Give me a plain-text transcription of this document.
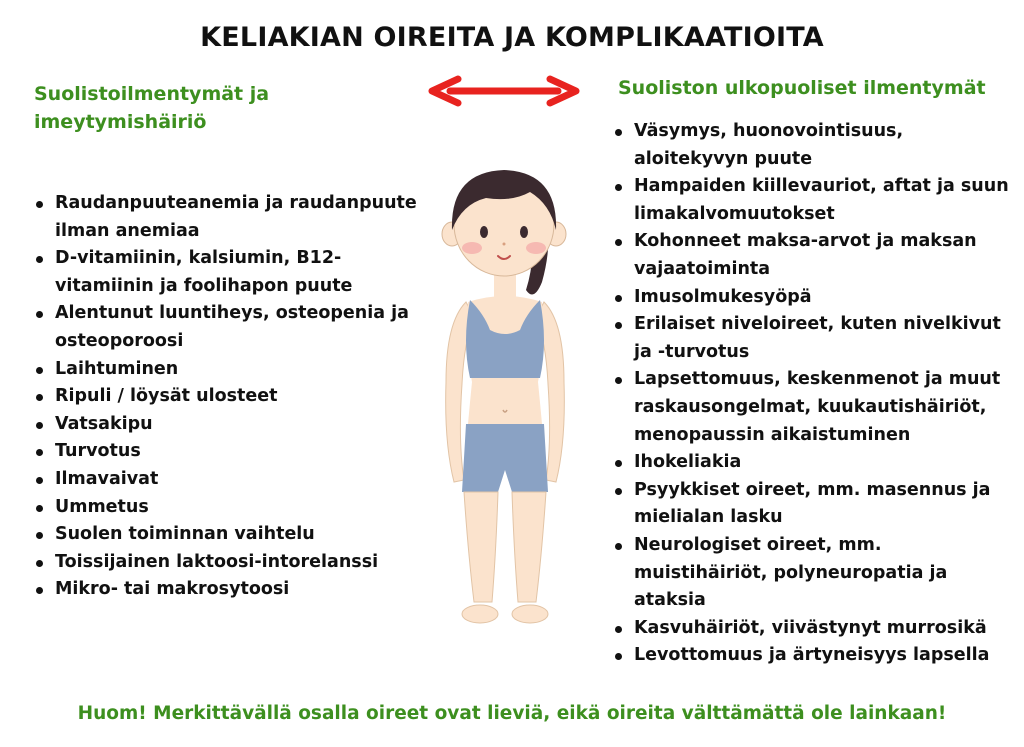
KELIAKIAN OIREITA JA KOMPLIKAATIOITA
Suolistoilmentymät ja imeytymishäiriö
Suoliston ulkopuoliset ilmentymät
Raudanpuuteanemia ja raudanpuute ilman anemiaa
D-vitamiinin, kalsiumin, B12-vitamiinin ja foolihapon puute
Alentunut luuntiheys, osteopenia ja osteoporoosi
Laihtuminen
Ripuli / löysät ulosteet
Vatsakipu
Turvotus
Ilmavaivat
Ummetus
Suolen toiminnan vaihtelu
Toissijainen laktoosi-intorelanssi
Mikro- tai makrosytoosi
Väsymys, huonovointisuus, aloitekyvyn puute
Hampaiden kiillevauriot, aftat ja suun limakalvomuutokset
Kohonneet maksa-arvot ja maksan vajaatoiminta
Imusolmukesyöpä
Erilaiset niveloireet, kuten nivelkivut ja -turvotus
Lapsettomuus, keskenmenot ja muut raskausongelmat, kuukautishäiriöt, menopaussin aikaistuminen
Ihokeliakia
Psyykkiset oireet, mm. masennus ja mielialan lasku
Neurologiset oireet, mm. muistihäiriöt, polyneuropatia ja ataksia
Kasvuhäiriöt, viivästynyt murrosikä
Levottomuus ja ärtyneisyys lapsella
Huom! Merkittävällä osalla oireet ovat lieviä, eikä oireita välttämättä ole lainkaan!
